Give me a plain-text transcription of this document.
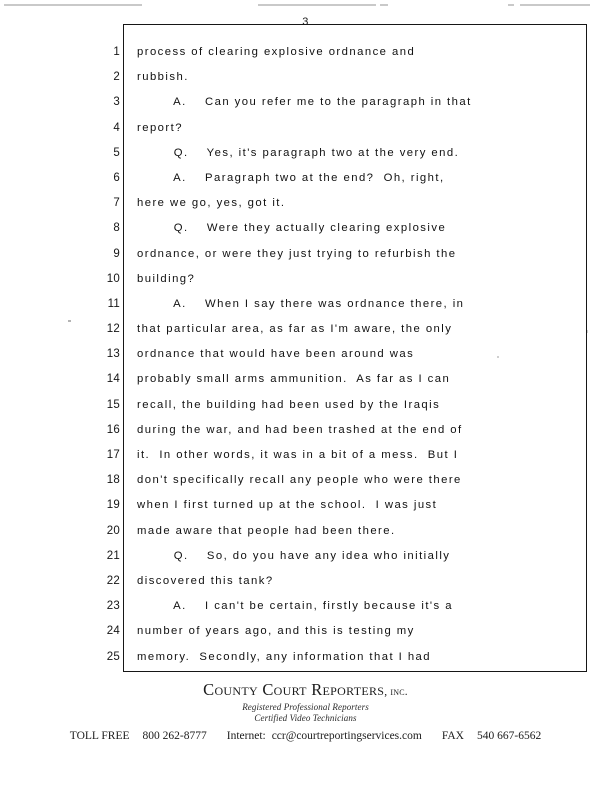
3
1
2
3
4
5
6
7
8
9
10
11
12
13
14
15
16
17
18
19
20
21
22
23
24
25
process of clearing explosive ordnance and
rubbish.
A.    Can you refer me to the paragraph in that
report?
Q.    Yes, it's paragraph two at the very end.
A.    Paragraph two at the end?  Oh, right,
here we go, yes, got it.
Q.    Were they actually clearing explosive
ordnance, or were they just trying to refurbish the
building?
A.    When I say there was ordnance there, in
that particular area, as far as I'm aware, the only
ordnance that would have been around was
probably small arms ammunition.  As far as I can
recall, the building had been used by the Iraqis
during the war, and had been trashed at the end of
it.  In other words, it was in a bit of a mess.  But I
don't specifically recall any people who were there
when I first turned up at the school.  I was just
made aware that people had been there.
Q.    So, do you have any idea who initially
discovered this tank?
A.    I can't be certain, firstly because it's a
number of years ago, and this is testing my
memory.  Secondly, any information that I had
County Court Reporters, inc.
Registered Professional Reporters
Certified Video Technicians
TOLL FREE 800 262-8777 Internet: ccr@courtreportingservices.com FAX 540 667-6562
